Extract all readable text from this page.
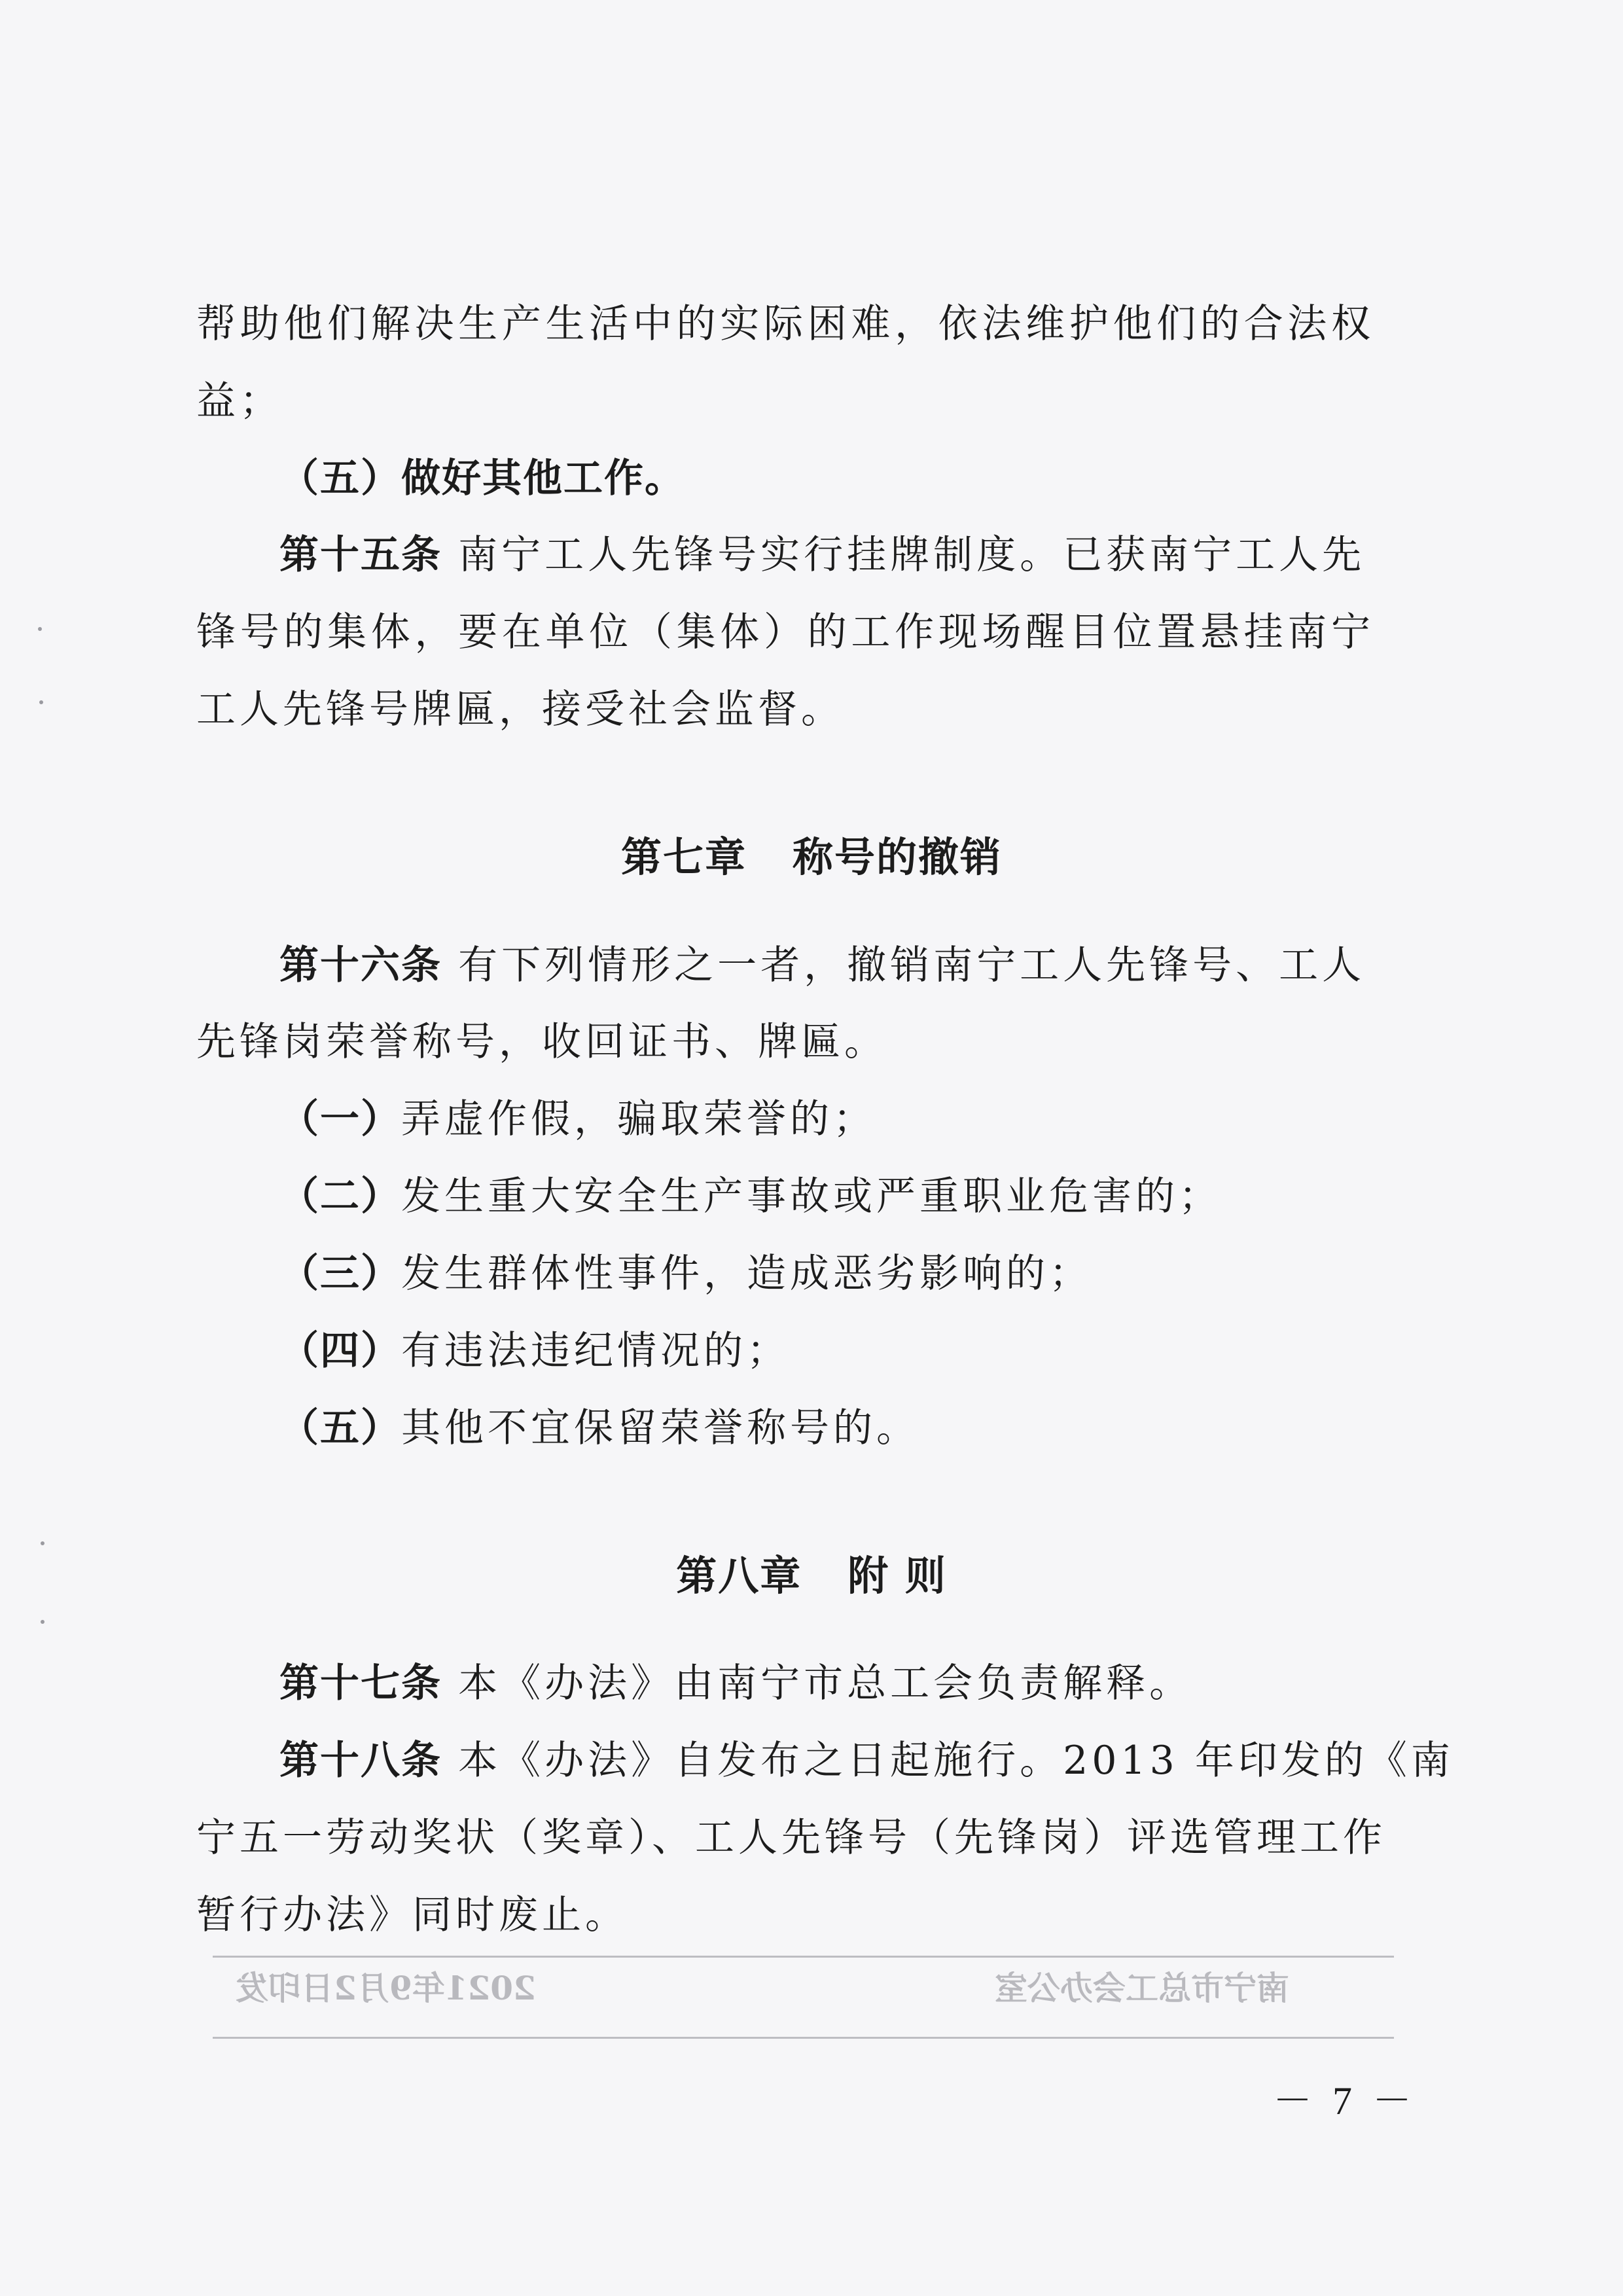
帮助他们解决生产生活中的实际困难，依法维护他们的合法权
益；
（五）做好其他工作。
第十五条 南宁工人先锋号实行挂牌制度。已获南宁工人先
锋号的集体，要在单位（集体）的工作现场醒目位置悬挂南宁
工人先锋号牌匾，接受社会监督。
第七章 称号的撤销
第十六条 有下列情形之一者，撤销南宁工人先锋号、工人
先锋岗荣誉称号，收回证书、牌匾。
（一）弄虚作假，骗取荣誉的；
（二）发生重大安全生产事故或严重职业危害的；
（三）发生群体性事件，造成恶劣影响的；
（四）有违法违纪情况的；
（五）其他不宜保留荣誉称号的。
第八章 附 则
第十七条 本《办法》由南宁市总工会负责解释。
第十八条 本《办法》自发布之日起施行。2013 年印发的《南
宁五一劳动奖状（奖章）、工人先锋号（先锋岗）评选管理工作
暂行办法》同时废止。
南宁市总工会办公室
2021年9月2日印发
－ 7 －
